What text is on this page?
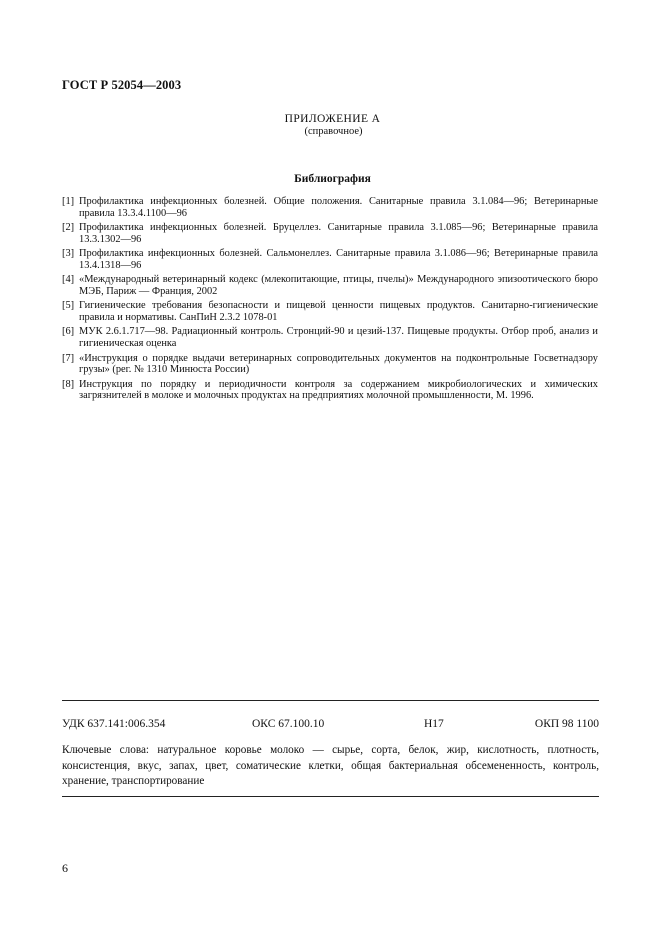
ГОСТ Р 52054—2003
ПРИЛОЖЕНИЕ А
(справочное)
Библиография
[1] Профилактика инфекционных болезней. Общие положения. Санитарные правила 3.1.084—96; Ветеринарные правила 13.3.4.1100—96
[2] Профилактика инфекционных болезней. Бруцеллез. Санитарные правила 3.1.085—96; Ветеринарные правила 13.3.1302—96
[3] Профилактика инфекционных болезней. Сальмонеллез. Санитарные правила 3.1.086—96; Ветеринарные правила 13.4.1318—96
[4] «Международный ветеринарный кодекс (млекопитающие, птицы, пчелы)» Международного эпизоотического бюро МЭБ, Париж — Франция, 2002
[5] Гигиенические требования безопасности и пищевой ценности пищевых продуктов. Санитарно-гигиенические правила и нормативы. СанПиН 2.3.2 1078-01
[6] МУК 2.6.1.717—98. Радиационный контроль. Стронций-90 и цезий-137. Пищевые продукты. Отбор проб, анализ и гигиеническая оценка
[7] «Инструкция о порядке выдачи ветеринарных сопроводительных документов на подконтрольные Госветнадзору грузы» (рег. № 1310 Минюста России)
[8] Инструкция по порядку и периодичности контроля за содержанием микробиологических и химических загрязнителей в молоке и молочных продуктах на предприятиях молочной промышленности, М. 1996.
УДК 637.141:006.354	ОКС 67.100.10	Н17	ОКП 98 1100
Ключевые слова: натуральное коровье молоко — сырье, сорта, белок, жир, кислотность, плотность, консистенция, вкус, запах, цвет, соматические клетки, общая бактериальная обсемененность, контроль, хранение, транспортирование
6
